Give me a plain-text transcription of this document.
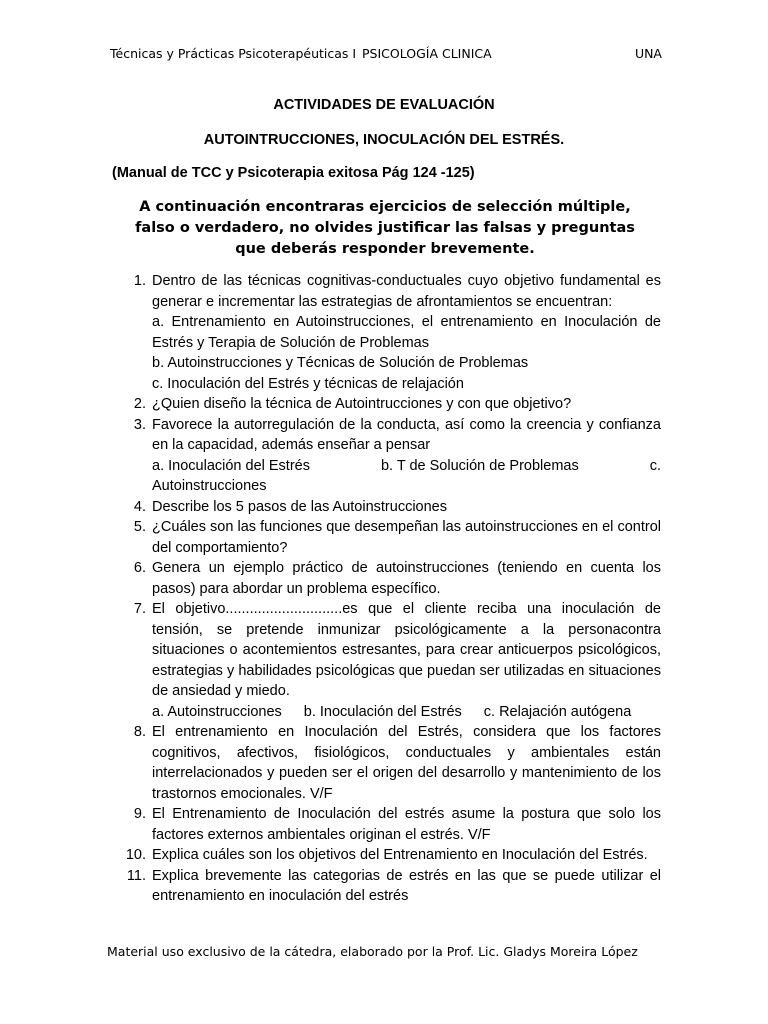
Técnicas y Prácticas Psicoterapéuticas I PSICOLOGÍA CLINICA	UNA
ACTIVIDADES DE EVALUACIÓN
AUTOINTRUCCIONES, INOCULACIÓN DEL ESTRÉS.
(Manual de TCC y Psicoterapia exitosa Pág 124 -125)
A continuación encontraras ejercicios de selección múltiple, falso o verdadero, no olvides justificar las falsas y preguntas que deberás responder brevemente.
1. Dentro de las técnicas cognitivas-conductuales cuyo objetivo fundamental es generar e incrementar las estrategias de afrontamientos se encuentran:
a. Entrenamiento en Autoinstrucciones, el entrenamiento en Inoculación de Estrés y Terapia de Solución de Problemas
b. Autoinstrucciones y Técnicas de Solución de Problemas
c. Inoculación del Estrés y técnicas de relajación
2. ¿Quien diseño la técnica de Autointrucciones y con que objetivo?
3. Favorece la autorregulación de la conducta, así como la creencia y confianza en la capacidad, además enseñar a pensar
a. Inoculación del Estrés	b. T de Solución de Problemas	c.
Autoinstrucciones
4. Describe los 5 pasos de las Autoinstrucciones
5. ¿Cuáles son las funciones que desempeñan las autoinstrucciones en el control del comportamiento?
6. Genera un ejemplo práctico de autoinstrucciones (teniendo en cuenta los pasos) para abordar un problema específico.
7. El objetivo.............................es que el cliente reciba una inoculación de tensión, se pretende inmunizar psicológicamente a la personacontra situaciones o acontemientos estresantes, para crear anticuerpos psicológicos, estrategias y habilidades psicológicas que puedan ser utilizadas en situaciones de ansiedad y miedo.
a. Autoinstrucciones b. Inoculación del Estrés c. Relajación autógena
8. El entrenamiento en Inoculación del Estrés, considera que los factores cognitivos, afectivos, fisiológicos, conductuales y ambientales están interrelacionados y pueden ser el origen del desarrollo y mantenimiento de los trastornos emocionales. V/F
9. El Entrenamiento de Inoculación del estrés asume la postura que solo los factores externos ambientales originan el estrés. V/F
10. Explica cuáles son los objetivos del Entrenamiento en Inoculación del Estrés.
11. Explica brevemente las categorias de estrés en las que se puede utilizar el entrenamiento en inoculación del estrés
Material uso exclusivo de la cátedra, elaborado por la Prof. Lic. Gladys Moreira López
